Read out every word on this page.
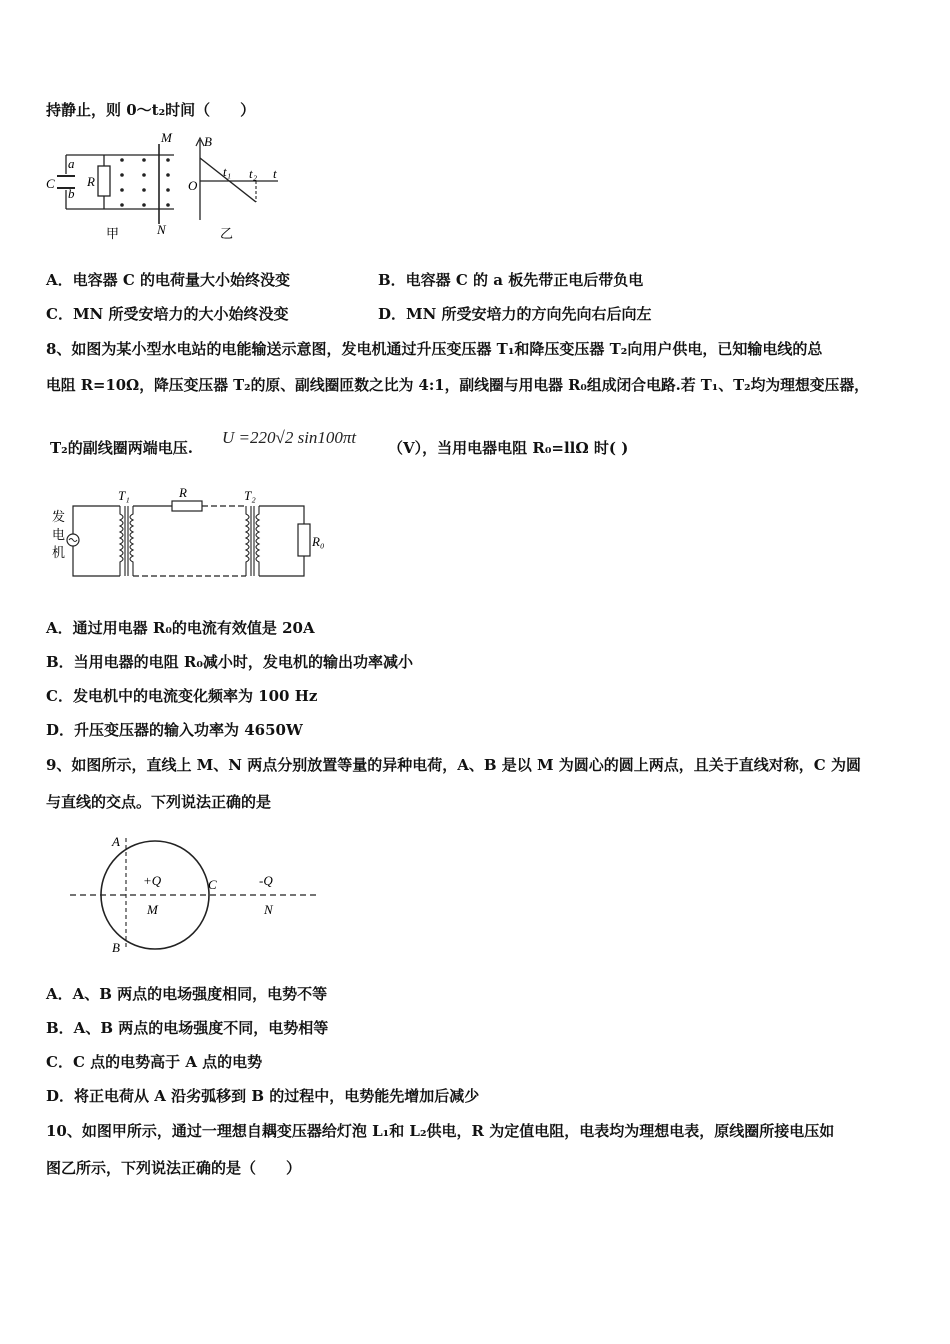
持静止，则 0～t₂时间（　　）
C
a
b
R
M
N
甲
B
O
t₁ t₂ t
乙
A．电容器 C 的电荷量大小始终没变	B．电容器 C 的 a 板先带正电后带负电
C．MN 所受安培力的大小始终没变	D．MN 所受安培力的方向先向右后向左
8、如图为某小型水电站的电能输送示意图，发电机通过升压变压器 T₁和降压变压器 T₂向用户供电，已知输电线的总
电阻 R=10Ω，降压变压器 T₂的原、副线圈匝数之比为 4:1，副线圈与用电器 R₀组成闭合电路.若 T₁、T₂均为理想变压器，
T₂的副线圈两端电压.
U =220√2 sin100πt
（V），当用电器电阻 R₀=llΩ 时( )
发
电
机
T₁	R	T₂
R₀
A．通过用电器 R₀的电流有效值是 20A
B．当用电器的电阻 R₀减小时，发电机的输出功率减小
C．发电机中的电流变化频率为 100 Hz
D．升压变压器的输入功率为 4650W
9、如图所示，直线上 M、N 两点分别放置等量的异种电荷，A、B 是以 M 为圆心的圆上两点，且关于直线对称，C 为圆
与直线的交点。下列说法正确的是
A
B
C
+Q
M
-Q
N
A．A、B 两点的电场强度相同，电势不等
B．A、B 两点的电场强度不同，电势相等
C．C 点的电势高于 A 点的电势
D．将正电荷从 A 沿劣弧移到 B 的过程中，电势能先增加后减少
10、如图甲所示，通过一理想自耦变压器给灯泡 L₁和 L₂供电，R 为定值电阻，电表均为理想电表，原线圈所接电压如
图乙所示，下列说法正确的是（　　）
